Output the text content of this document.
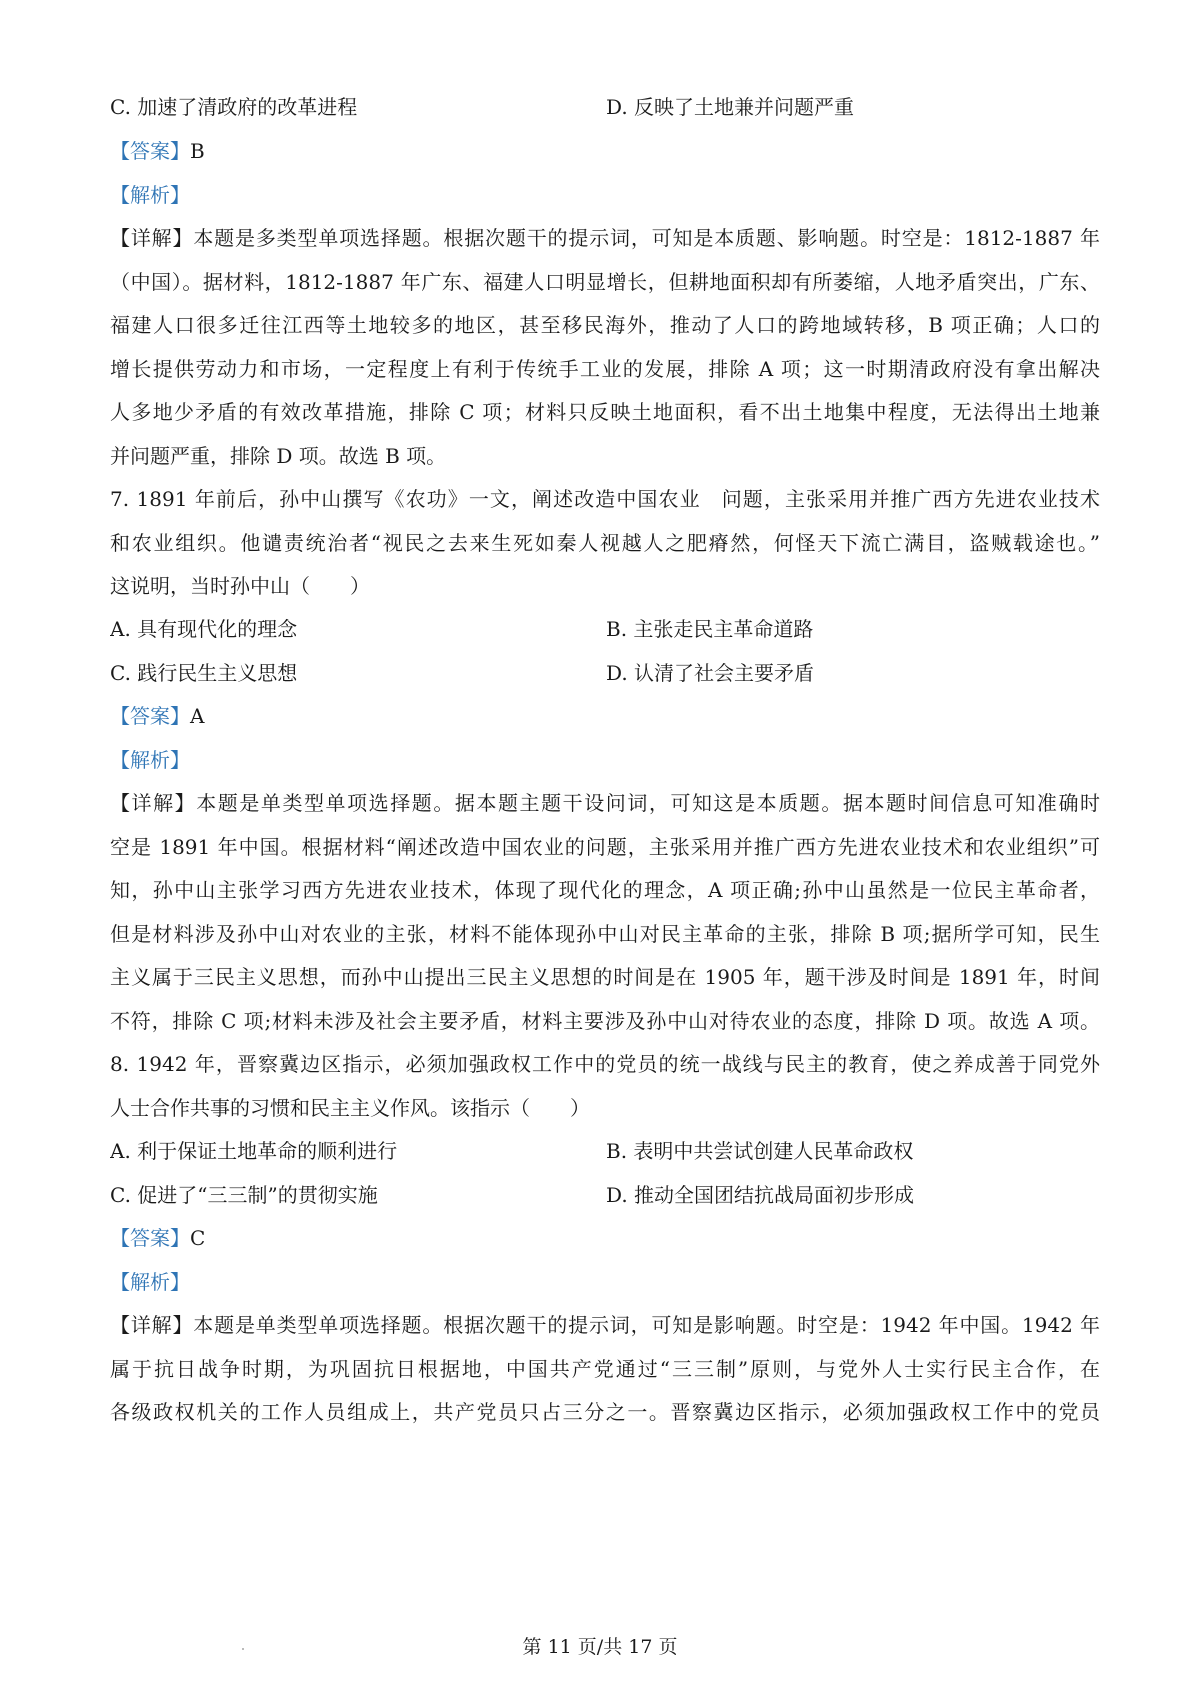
C. 加速了清政府的改革进程	D. 反映了土地兼并问题严重
【答案】B
【解析】
【详解】本题是多类型单项选择题。根据次题干的提示词，可知是本质题、影响题。时空是：1812-1887 年
（中国）。据材料，1812-1887 年广东、福建人口明显增长，但耕地面积却有所萎缩，人地矛盾突出，广东、
福建人口很多迁往江西等土地较多的地区，甚至移民海外，推动了人口的跨地域转移，B 项正确；人口的
增长提供劳动力和市场，一定程度上有利于传统手工业的发展，排除 A 项；这一时期清政府没有拿出解决
人多地少矛盾的有效改革措施，排除 C 项；材料只反映土地面积，看不出土地集中程度，无法得出土地兼
并问题严重，排除 D 项。故选 B 项。
7. 1891 年前后，孙中山撰写《农功》一文，阐述改造中国农业　问题，主张采用并推广西方先进农业技术
和农业组织。他谴责统治者“视民之去来生死如秦人视越人之肥瘠然，何怪天下流亡满目，盗贼载途也。”
这说明，当时孙中山（　　）
A. 具有现代化的理念	B. 主张走民主革命道路
C. 践行民生主义思想	D. 认清了社会主要矛盾
【答案】A
【解析】
【详解】本题是单类型单项选择题。据本题主题干设问词，可知这是本质题。据本题时间信息可知准确时
空是 1891 年中国。根据材料“阐述改造中国农业的问题，主张采用并推广西方先进农业技术和农业组织”可
知，孙中山主张学习西方先进农业技术，体现了现代化的理念，A 项正确;孙中山虽然是一位民主革命者，
但是材料涉及孙中山对农业的主张，材料不能体现孙中山对民主革命的主张，排除 B 项;据所学可知，民生
主义属于三民主义思想，而孙中山提出三民主义思想的时间是在 1905 年，题干涉及时间是 1891 年，时间
不符，排除 C 项;材料未涉及社会主要矛盾，材料主要涉及孙中山对待农业的态度，排除 D 项。故选 A 项。
8. 1942 年，晋察冀边区指示，必须加强政权工作中的党员的统一战线与民主的教育，使之养成善于同党外
人士合作共事的习惯和民主主义作风。该指示（　　）
A. 利于保证土地革命的顺利进行	B. 表明中共尝试创建人民革命政权
C. 促进了“三三制”的贯彻实施	D. 推动全国团结抗战局面初步形成
【答案】C
【解析】
【详解】本题是单类型单项选择题。根据次题干的提示词，可知是影响题。时空是：1942 年中国。1942 年
属于抗日战争时期，为巩固抗日根据地，中国共产党通过“三三制”原则，与党外人士实行民主合作，在
各级政权机关的工作人员组成上，共产党员只占三分之一。晋察冀边区指示，必须加强政权工作中的党员
第 11 页/共 17 页
